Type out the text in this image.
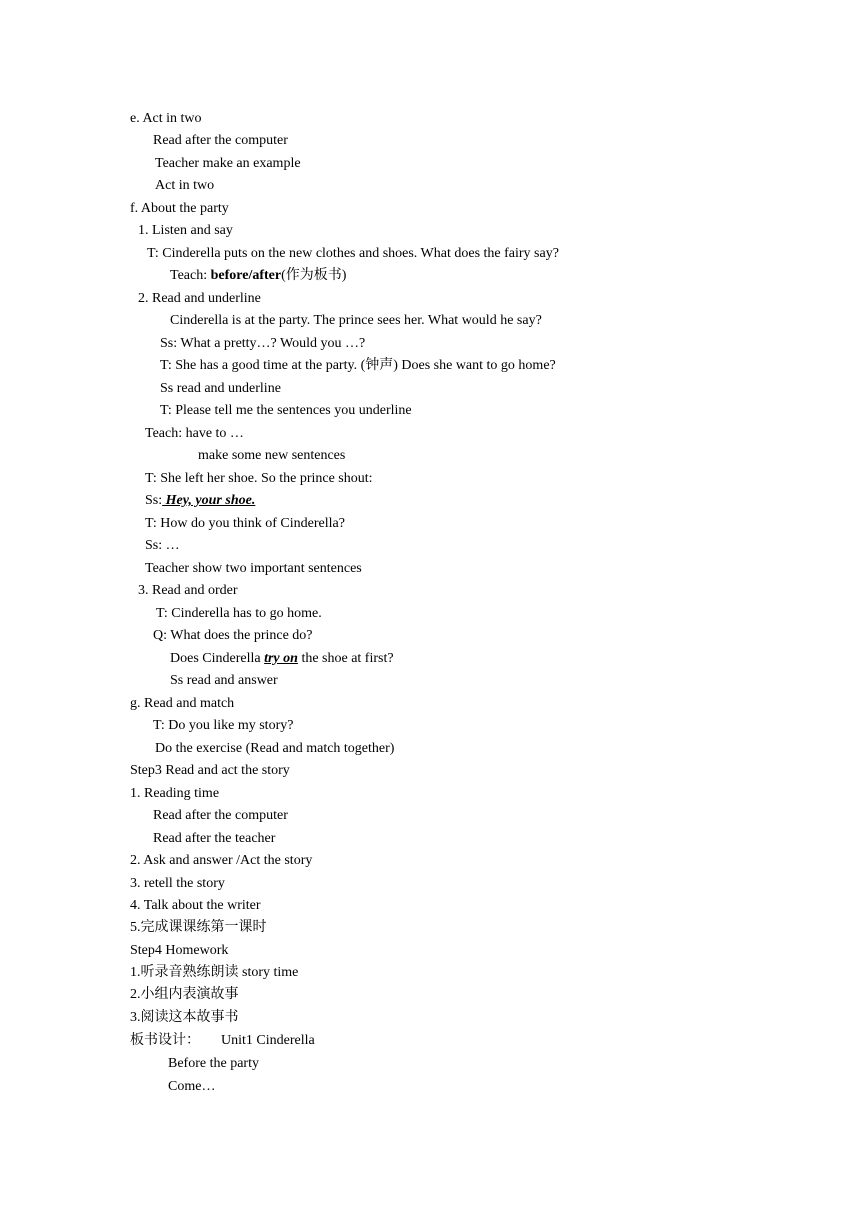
e. Act in two
Read after the computer
Teacher make an example
Act in two
f. About the party
1. Listen and say
T: Cinderella puts on the new clothes and shoes. What does the fairy say?
Teach: before/after(作为板书)
2. Read and underline
Cinderella is at the party. The prince sees her. What would he say?
Ss: What a pretty…? Would you …?
T: She has a good time at the party. (钟声) Does she want to go home?
Ss read and underline
T: Please tell me the sentences you underline
Teach: have to …
make some new sentences
T: She left her shoe. So the prince shout:
Ss: Hey, your shoe.
T: How do you think of Cinderella?
Ss: …
Teacher show two important sentences
3. Read and order
T: Cinderella has to go home.
Q: What does the prince do?
Does Cinderella try on the shoe at first?
Ss read and answer
g. Read and match
T: Do you like my story?
Do the exercise (Read and match together)
Step3 Read and act the story
1. Reading time
Read after the computer
Read after the teacher
2. Ask and answer /Act the story
3. retell the story
4. Talk about the writer
5.完成课课练第一课时
Step4 Homework
1.听录音熟练朗读 story time
2.小组内表演故事
3.阅读这本故事书
板书设计：      Unit1 Cinderella
Before the party
Come…
